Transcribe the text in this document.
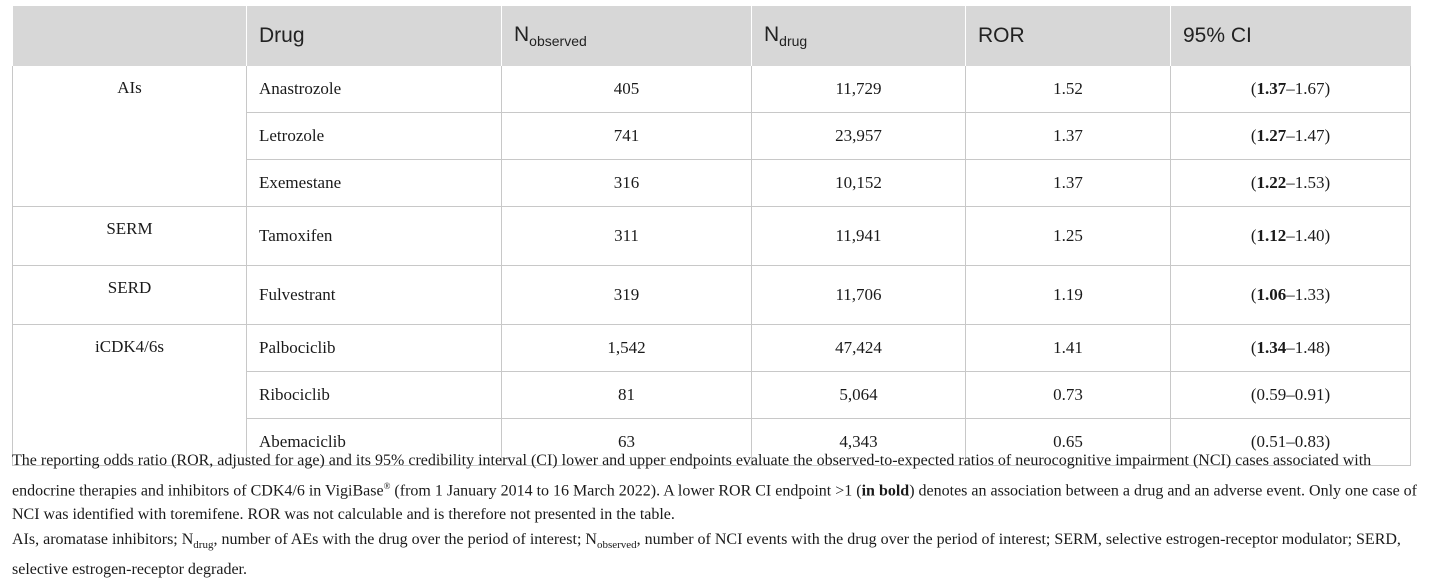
	Drug	$N_{observed}$	$N_{drug}$	ROR	95% CI
AIs	Anastrozole	405	11,729	1.52	(1.37–1.67)
	Letrozole	741	23,957	1.37	(1.27–1.47)
	Exemestane	316	10,152	1.37	(1.22–1.53)
SERM	Tamoxifen	311	11,941	1.25	(1.12–1.40)
SERD	Fulvestrant	319	11,706	1.19	(1.06–1.33)
iCDK4/6s	Palbociclib	1,542	47,424	1.41	(1.34–1.48)
	Ribociclib	81	5,064	0.73	(0.59–0.91)
	Abemaciclib	63	4,343	0.65	(0.51–0.83)

The reporting odds ratio (ROR, adjusted for age) and its 95% credibility interval (CI) lower and upper endpoints evaluate the observed-to-expected ratios of neurocognitive impairment (NCI) cases associated with endocrine therapies and inhibitors of CDK4/6 in VigiBase® (from 1 January 2014 to 16 March 2022). A lower ROR CI endpoint >1 (in bold) denotes an association between a drug and an adverse event. Only one case of NCI was identified with toremifene. ROR was not calculable and is therefore not presented in the table.

AIs, aromatase inhibitors; $N_{drug}$, number of AEs with the drug over the period of interest; $N_{observed}$, number of NCI events with the drug over the period of interest; SERM, selective estrogen-receptor modulator; SERD, selective estrogen-receptor degrader.
